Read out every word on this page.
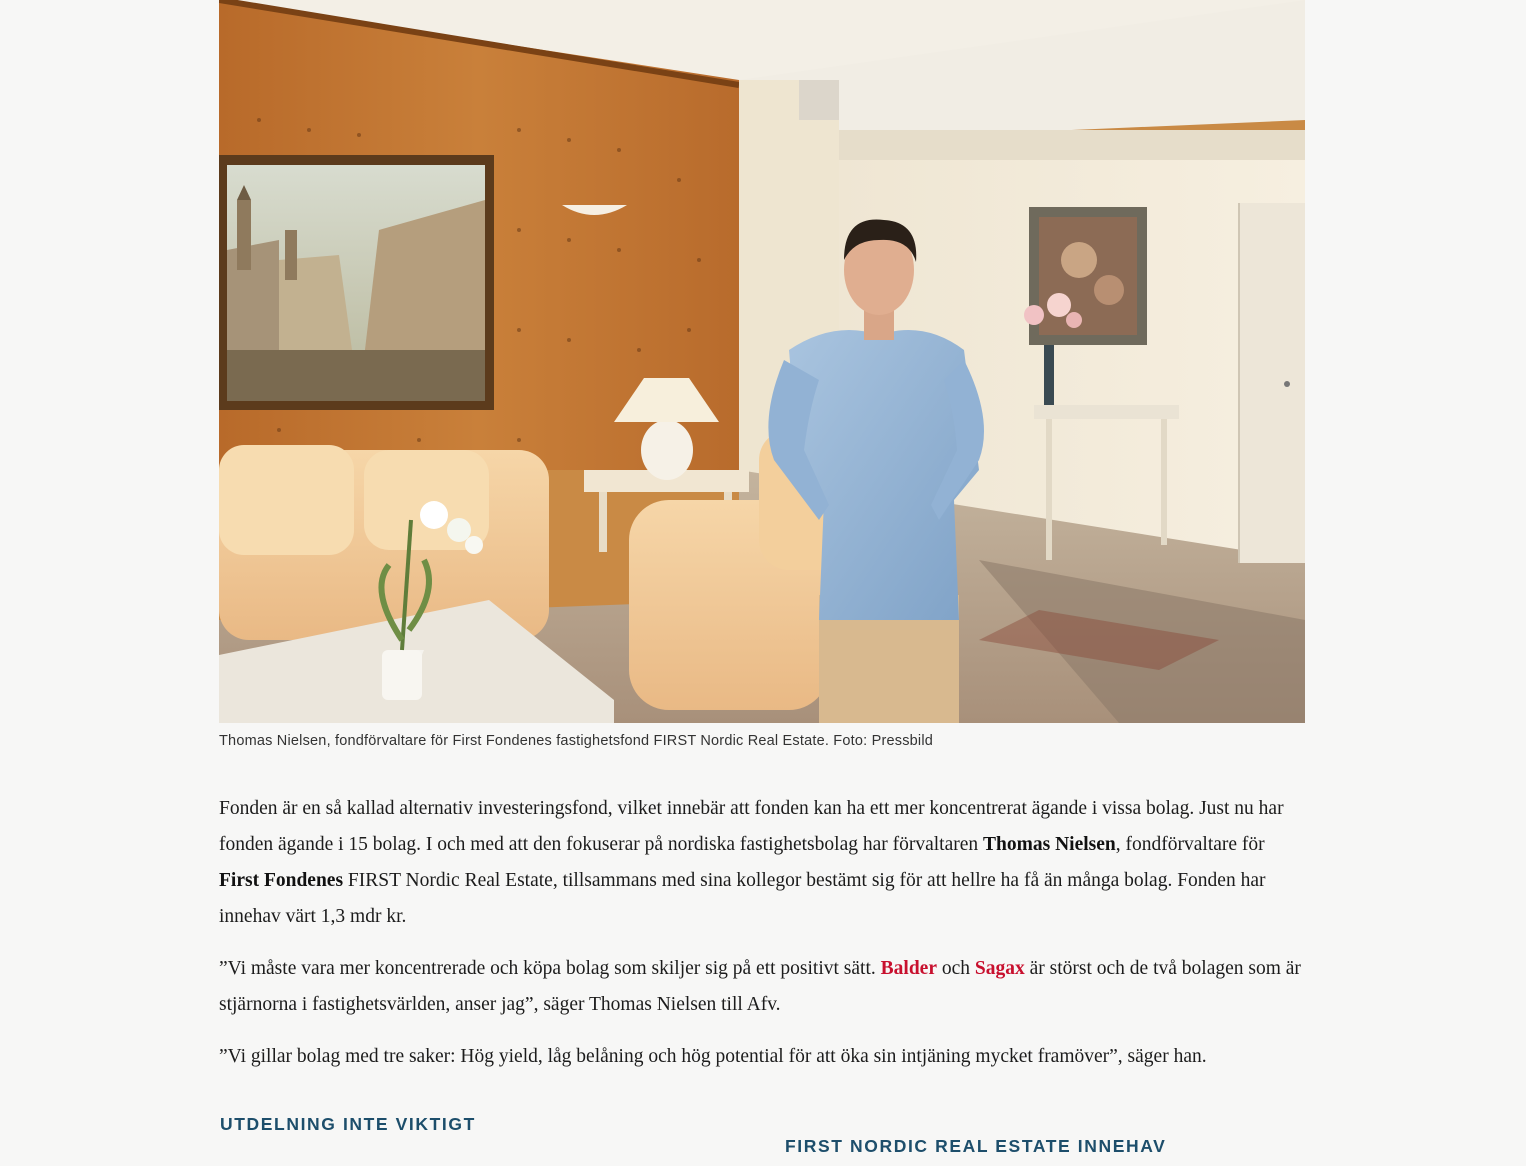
Thomas Nielsen, fondförvaltare för First Fondenes fastighetsfond FIRST Nordic Real Estate. Foto: Pressbild

Fonden är en så kallad alternativ investeringsfond, vilket innebär att fonden kan ha ett mer koncentrerat ägande i vissa bolag. Just nu har fonden ägande i 15 bolag. I och med att den fokuserar på nordiska fastighetsbolag har förvaltaren Thomas Nielsen, fondförvaltare för First Fondenes FIRST Nordic Real Estate, tillsammans med sina kollegor bestämt sig för att hellre ha få än många bolag. Fonden har innehav värt 1,3 mdr kr.

”Vi måste vara mer koncentrerade och köpa bolag som skiljer sig på ett positivt sätt. Balder och Sagax är störst och de två bolagen som är stjärnorna i fastighetsvärlden, anser jag”, säger Thomas Nielsen till Afv.

”Vi gillar bolag med tre saker: Hög yield, låg belåning och hög potential för att öka sin intjäning mycket framöver”, säger han.

UTDELNING INTE VIKTIGT
FIRST NORDIC REAL ESTATE INNEHAV
